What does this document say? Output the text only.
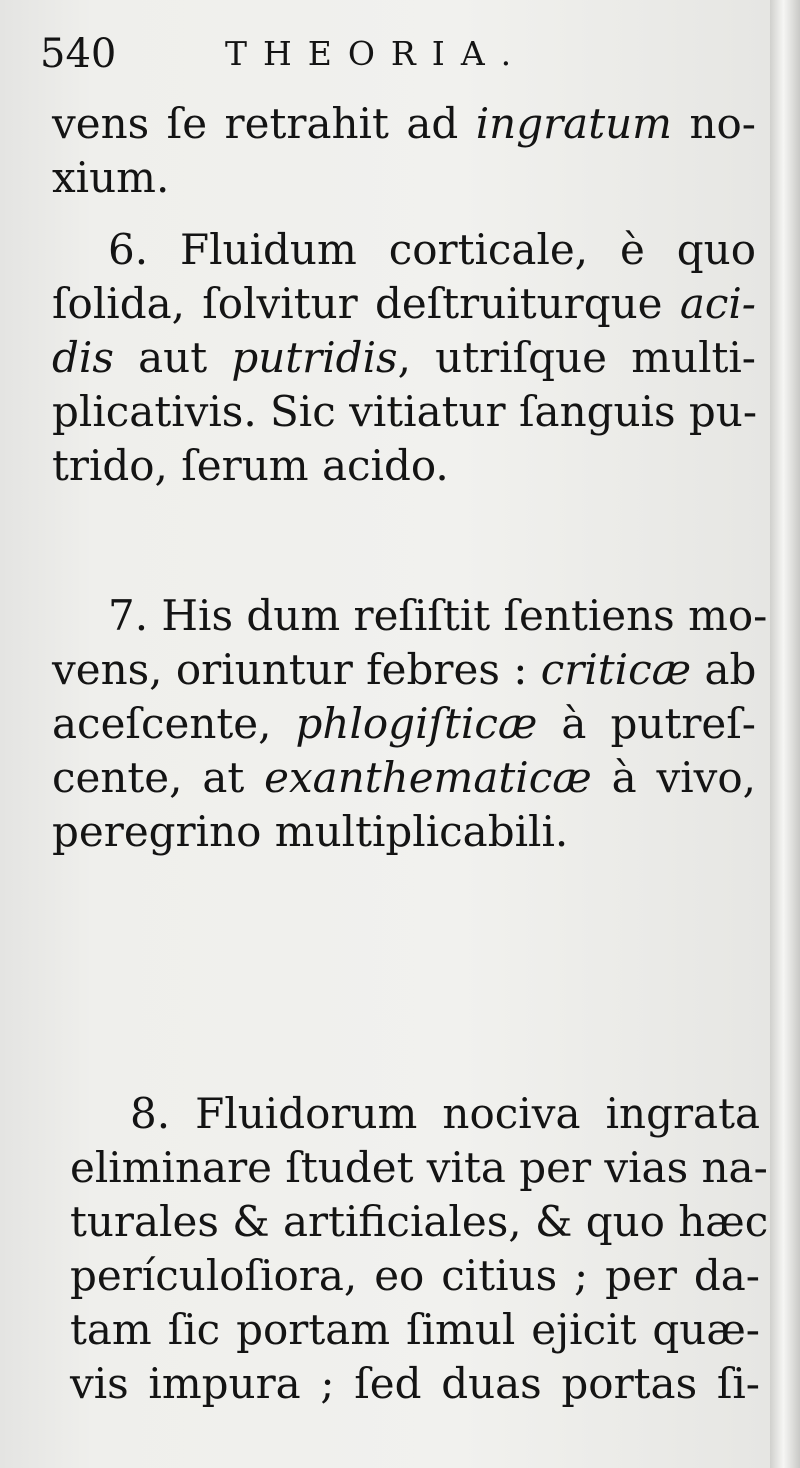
540	THEORIA.

vens ſe retrahit ad ingratum no-

xium.

6. Fluidum corticale, è quo

ſolida, ſolvitur deſtruiturque aci-

dis aut putridis, utriſque multi-

plicativis. Sic vitiatur ſanguis pu-

trido, ſerum acido.

7. His dum reſiſtit ſentiens mo-

vens, oriuntur febres : criticæ ab

aceſcente, phlogiſticæ à putreſ-

cente, at exanthematicæ à vivo,

peregrino multiplicabili.

8. Fluidorum nociva ingrata

eliminare ſtudet vita per vias na-

turales & artificiales, & quo hæc

perículoſiora, eo citius ; per da-

tam ſic portam ſimul ejicit quæ-

vis impura ; ſed duas portas ſi-
